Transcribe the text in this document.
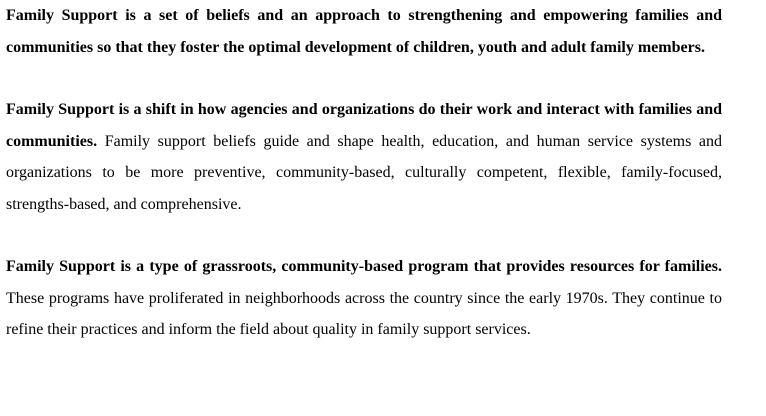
Family Support is a set of beliefs and an approach to strengthening and empowering families and communities so that they foster the optimal development of children, youth and adult family members.

Family Support is a shift in how agencies and organizations do their work and interact with families and communities. Family support beliefs guide and shape health, education, and human service systems and organizations to be more preventive, community-based, culturally competent, flexible, family-focused, strengths-based, and comprehensive.

Family Support is a type of grassroots, community-based program that provides resources for families. These programs have proliferated in neighborhoods across the country since the early 1970s. They continue to refine their practices and inform the field about quality in family support services.
